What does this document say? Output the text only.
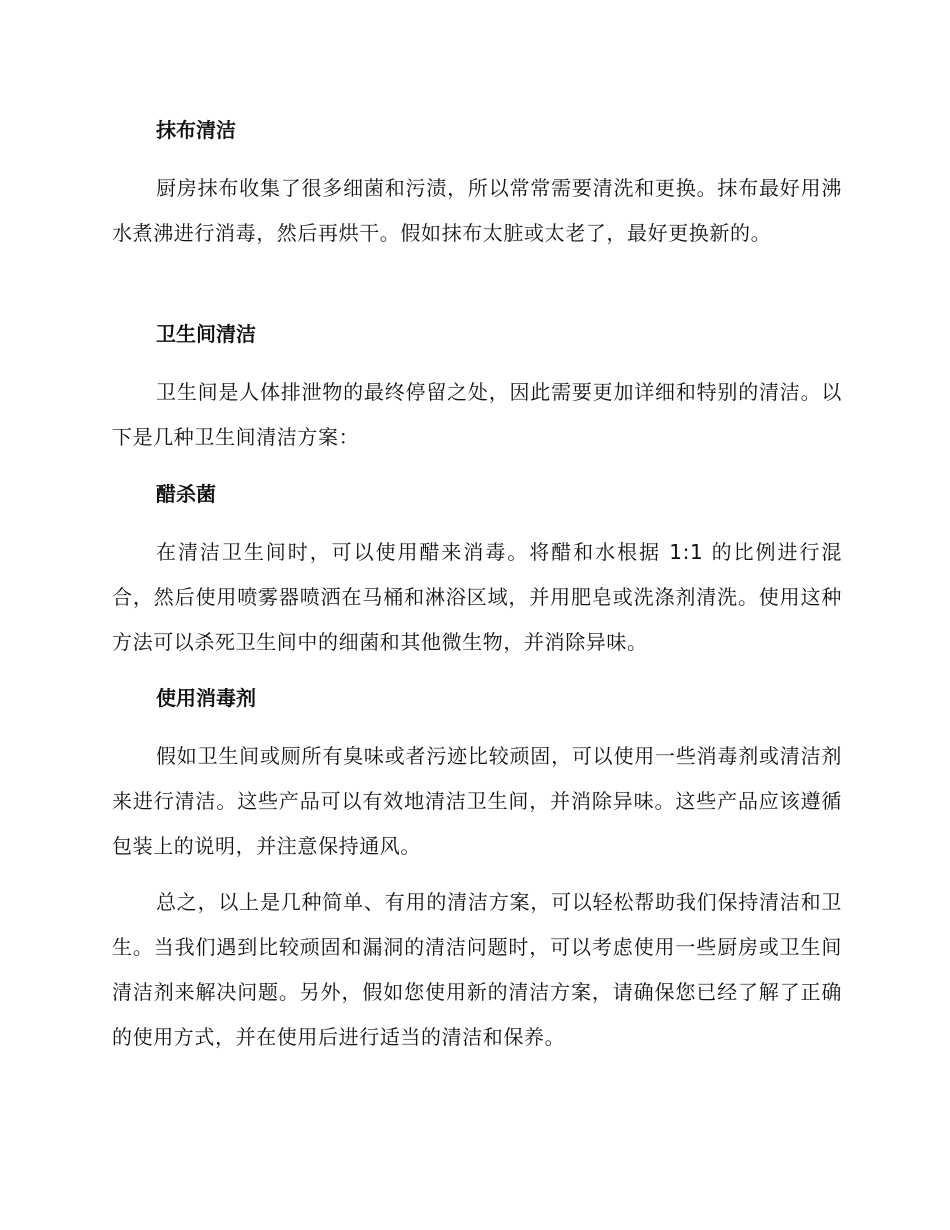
抹布清洁
厨房抹布收集了很多细菌和污渍，所以常常需要清洗和更换。抹布最好用沸水煮沸进行消毒，然后再烘干。假如抹布太脏或太老了，最好更换新的。
卫生间清洁
卫生间是人体排泄物的最终停留之处，因此需要更加详细和特别的清洁。以下是几种卫生间清洁方案：
醋杀菌
在清洁卫生间时，可以使用醋来消毒。将醋和水根据 1:1 的比例进行混合，然后使用喷雾器喷洒在马桶和淋浴区域，并用肥皂或洗涤剂清洗。使用这种方法可以杀死卫生间中的细菌和其他微生物，并消除异味。
使用消毒剂
假如卫生间或厕所有臭味或者污迹比较顽固，可以使用一些消毒剂或清洁剂来进行清洁。这些产品可以有效地清洁卫生间，并消除异味。这些产品应该遵循包装上的说明，并注意保持通风。
总之，以上是几种简单、有用的清洁方案，可以轻松帮助我们保持清洁和卫生。当我们遇到比较顽固和漏洞的清洁问题时，可以考虑使用一些厨房或卫生间清洁剂来解决问题。另外，假如您使用新的清洁方案，请确保您已经了解了正确的使用方式，并在使用后进行适当的清洁和保养。
